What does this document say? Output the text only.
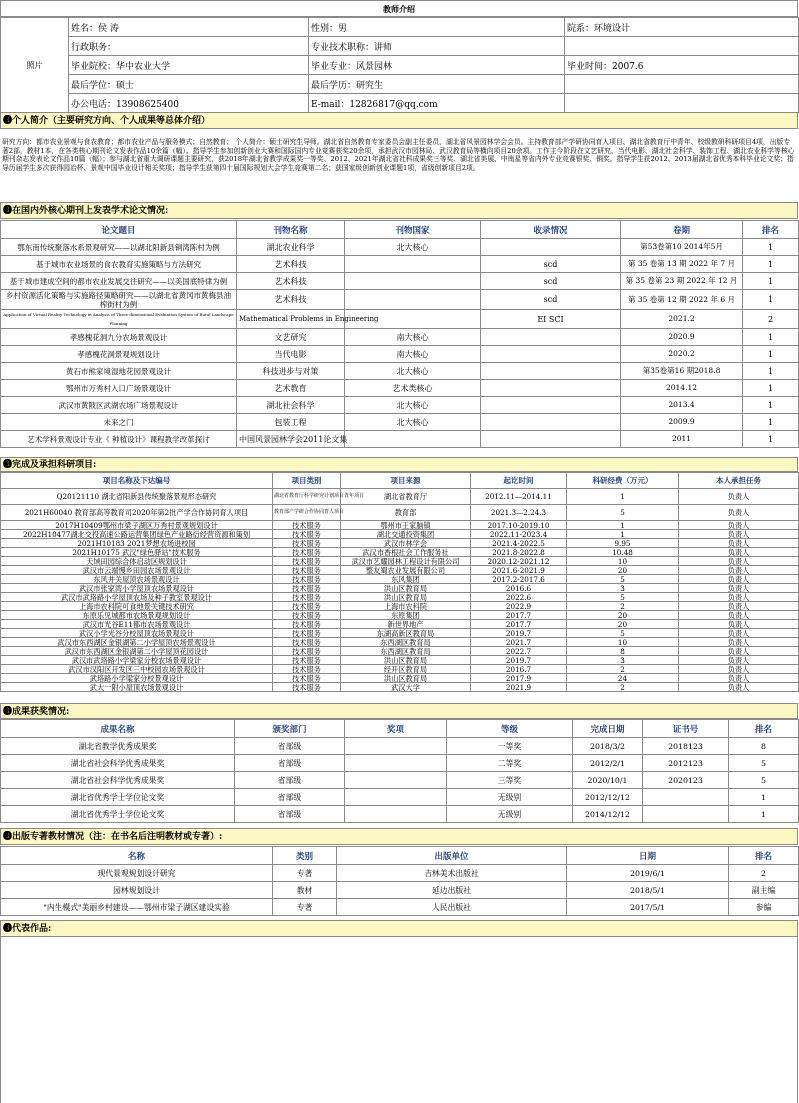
教师介绍
照片	姓名：侯 涛	性别：男	院系：环境设计
	行政职务：	专业技术职称：讲师	
	毕业院校：华中农业大学	毕业专业：风景园林	毕业时间：2007.6
	最后学位：硕士	最后学历：研究生	
	办公电话：13908625400	E-mail：12826817@qq.com	
❸个人简介（主要研究方向、个人成果等总体介绍）
研究方向：都市农业景观与食农教育；都市农业产品与服务模式；自然教育； 个人简介：硕士研究生导师。湖北省自然教育专家委员会副主任委员，湖北省风景园林学会会员。主持教育部产学研协同育人项目、湖北省教育厅中青年、校级教研科研项目4项，出版专著2部，教材1本，在各类核心期刊论文发表作品10余篇（幅）。指导学生参加创新创业大赛和国际国内专业竞赛获奖20余项，承担武汉市园林局、武汉教育局等横向项目20余项。工作主今阶段在文艺研究、当代电影、湖北社会科学、装饰工程、湖北农业科学等核心期刊杂志发表论文作品10篇（幅）；参与湖北省重大调研课题主要研究，获2018年湖北省教学成果奖一等奖、2012、2021年湖北省社科成果奖三等奖、湖北省美展、中南星等省内外专业竞赛银奖、铜奖。指导学生获2012、2013届湖北省优秀本科毕业论文奖；指导历届学生多次获得园冶杯、景观中国毕业设计相关奖项；指导学生获第四十届国际规划大会学生竞赛第二名；获国家级创新创业课题1项，省级创新项目2项。
❸在国内外核心期刊上发表学术论文情况:
论文题目	刊物名称	刊物国家	收录情况	卷期	排名
鄂东南传统聚落水系景观研究——以湖北阳新县铜湾陈村为例	湖北农业科学	北大核心		第53卷第10 2014年5月	1
基于城市农业场景的食农教育实施策略与方法研究	艺术科技		scd	第 35 卷第 13 期 2022 年 7 月	1
基于城市建成空间的都市农业发展交往研究——以美国底特律为例	艺术科技		scd	第 35 卷第 23 期 2022 年 12 月	1
乡村资源活化策略与实施路径策略研究——以湖北省黄冈市黄梅县油榨街村为例	艺术科技		scd	第 35 卷第 12 期 2022 年 6 月	1
Application of Virtual Reality Technology in Analysis of Three-dimensional Evaluation System of Rural Landscape Planning	Mathematical Problems in Engineering		EI SCI	2021.2	2
孝感槐花洞九分农场景观设计	文艺研究	南大核心		2020.9	1
孝感槐花洞景观规划设计	当代电影	南大核心		2020.2	1
黄石市熊家境湿地花园景观设计	科技进步与对策	北大核心		第35卷第16 期2018.8	1
鄂州市万秀村入口广场景观设计	艺术教育	艺术类核心		2014.12	1
武汉市黄陂区武湖农场广场景观设计	湖北社会科学	北大核心		2013.4	1
未来之门	包装工程	北大核心		2009.9	1
艺术学科景观设计专业《 种植设计》课程教学改革探讨	中国风景园林学会2011论文集			2011	1
❸完成及承担科研项目:
项目名称及下达编号	项目类别	项目来源	起讫时间	科研经费（万元）	本人承担任务
Q20121110 湖北省阳新县传统聚落景观形态研究	湖北省教育厅科学研究计划项目青年项目	湖北省教育厅	2012.11—2014.11	1	负责人
2021H60040 教育部高等教育司2020年第2批产学合作协同育人项目	教育部产学研合作协同育人项目	教育部	2021.3—2.24.3	5	负责人
2017H10409鄂州市梁子湖区万秀村景观规划设计	技术服务	鄂州市王家脑镇	2017.10-2019.10	1	负责人
2022H10477湖北交投高速公路运营集团绿色产业路衍经营资源和策划	技术服务	湖北交通投资集团	2022.11-2023.4	1	负责人
2021H10183 2021梦想农场进校园	技术服务	武汉市林学会	2021.4-2022.5	9.95	负责人
2021H10175 武汉"绿色驿站"技术服务	技术服务	武汉市香根社会工作服务社	2021.8-2022.8	10.48	负责人
天域田园综合体启动区规划设计	技术服务	武汉市艺耀园林工程设计有限公司	2020.12-2021.12	10	负责人
武汉市云端慢乡田园农场景观设计	技术服务	整友蜀农业发展有限公司	2021.6-2021.9	20	负责人
东风井关屋顶农场景观设计	技术服务	东风集团	2017.2-2017.6	5	负责人
武汉市张家湾小学屋顶农场景观设计	技术服务	洪山区教育局	2016.6	3	负责人
武汉市武珞路小学屋顶农场及种子教室景观设计	技术服务	洪山区教育局	2022.6	5	负责人
上海市农科院可食地景关键技术研究	技术服务	上海市农科院	2022.9	2	负责人
东原乐见城都市农场景观规划设计	技术服务	东原集团	2017.7	20	负责人
武汉市光谷E11都市农场景观设计	技术服务	新世界地产	2017.7	20	负责人
武汉小学光谷分校屋顶农场景观设计	技术服务	东湖高新区教育局	2019.7	5	负责人
武汉市东西湖区金银湖第二小学屋顶农场景观设计	技术服务	东西湖区教育局	2021.7	10	负责人
武汉市东西湖区金银湖第二小学屋顶花园设计	技术服务	东西湖区教育局	2022.7	8	负责人
武汉市武珞路小学梁家分校农场景观设计	技术服务	洪山区教育局	2019.7	3	负责人
武汉市汉阳区开发区三中校园农场景观设计	技术服务	经开区教育局	2016.7	2	负责人
武珞路小学梁家分校景观设计	技术服务	洪山区教育局	2017.9	24	负责人
武大一附小屋顶农场景观设计	技术服务	武汉大学	2021.9	2	负责人
❸成果获奖情况:
成果名称	颁奖部门	奖项	等级	完成日期	证书号	排名
湖北省教学优秀成果奖	省部级		一等奖	2018/3/2	2018123	8
湖北省社会科学优秀成果奖	省部级		二等奖	2012/2/1	2012123	5
湖北省社会科学优秀成果奖	省部级		三等奖	2020/10/1	2020123	5
湖北省优秀学士学位论文奖	省部级		无级别	2012/12/12		1
湖北省优秀学士学位论文奖	省部级		无级别	2014/12/12		1
❸出版专著教材情况（注：在书名后注明教材或专著）:
名称	类别	出版单位	日期	排名
现代景观规划设计研究	专著	吉林美术出版社	2019/6/1	2
园林规划设计	教材	延边出版社	2018/5/1	副主编
"内生模式"美丽乡村建设——鄂州市梁子湖区建设实验	专著	人民出版社	2017/5/1	参编
❸代表作品:
